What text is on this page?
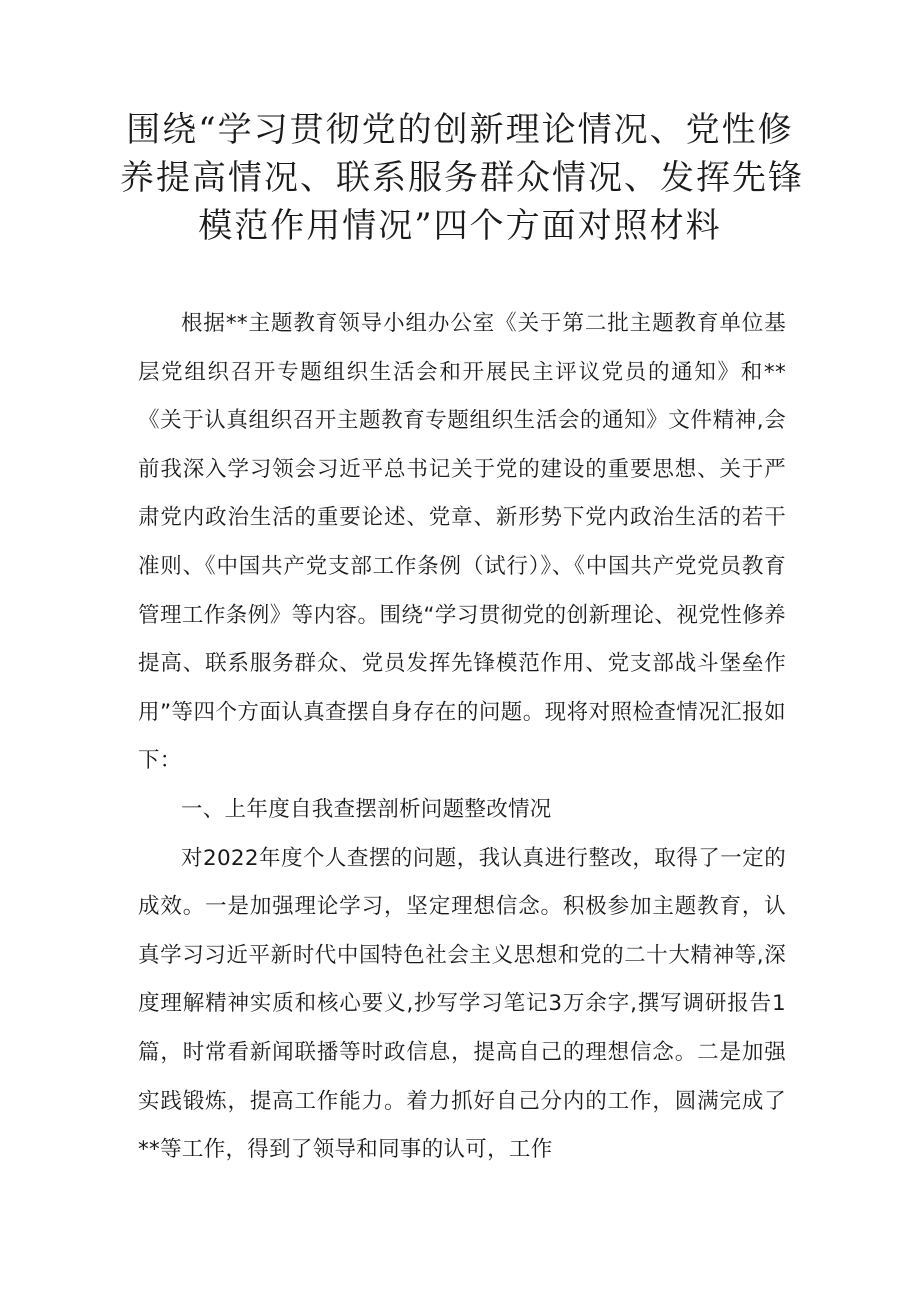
围绕“学习贯彻党的创新理论情况、党性修
养提高情况、联系服务群众情况、发挥先锋
模范作用情况”四个方面对照材料

根据**主题教育领导小组办公室《关于第二批主题教育单位基层党组织召开专题组织生活会和开展民主评议党员的通知》和**《关于认真组织召开主题教育专题组织生活会的通知》文件精神,会前我深入学习领会习近平总书记关于党的建设的重要思想、关于严肃党内政治生活的重要论述、党章、新形势下党内政治生活的若干准则、《中国共产党支部工作条例（试行）》、《中国共产党党员教育管理工作条例》等内容。围绕“学习贯彻党的创新理论、视党性修养提高、联系服务群众、党员发挥先锋模范作用、党支部战斗堡垒作用”等四个方面认真查摆自身存在的问题。现将对照检查情况汇报如下：

一、上年度自我查摆剖析问题整改情况

对2022年度个人查摆的问题，我认真进行整改，取得了一定的成效。一是加强理论学习，坚定理想信念。积极参加主题教育，认真学习习近平新时代中国特色社会主义思想和党的二十大精神等,深度理解精神实质和核心要义,抄写学习笔记3万余字,撰写调研报告1篇，时常看新闻联播等时政信息，提高自己的理想信念。二是加强实践锻炼，提高工作能力。着力抓好自己分内的工作，圆满完成了**等工作，得到了领导和同事的认可，工作
